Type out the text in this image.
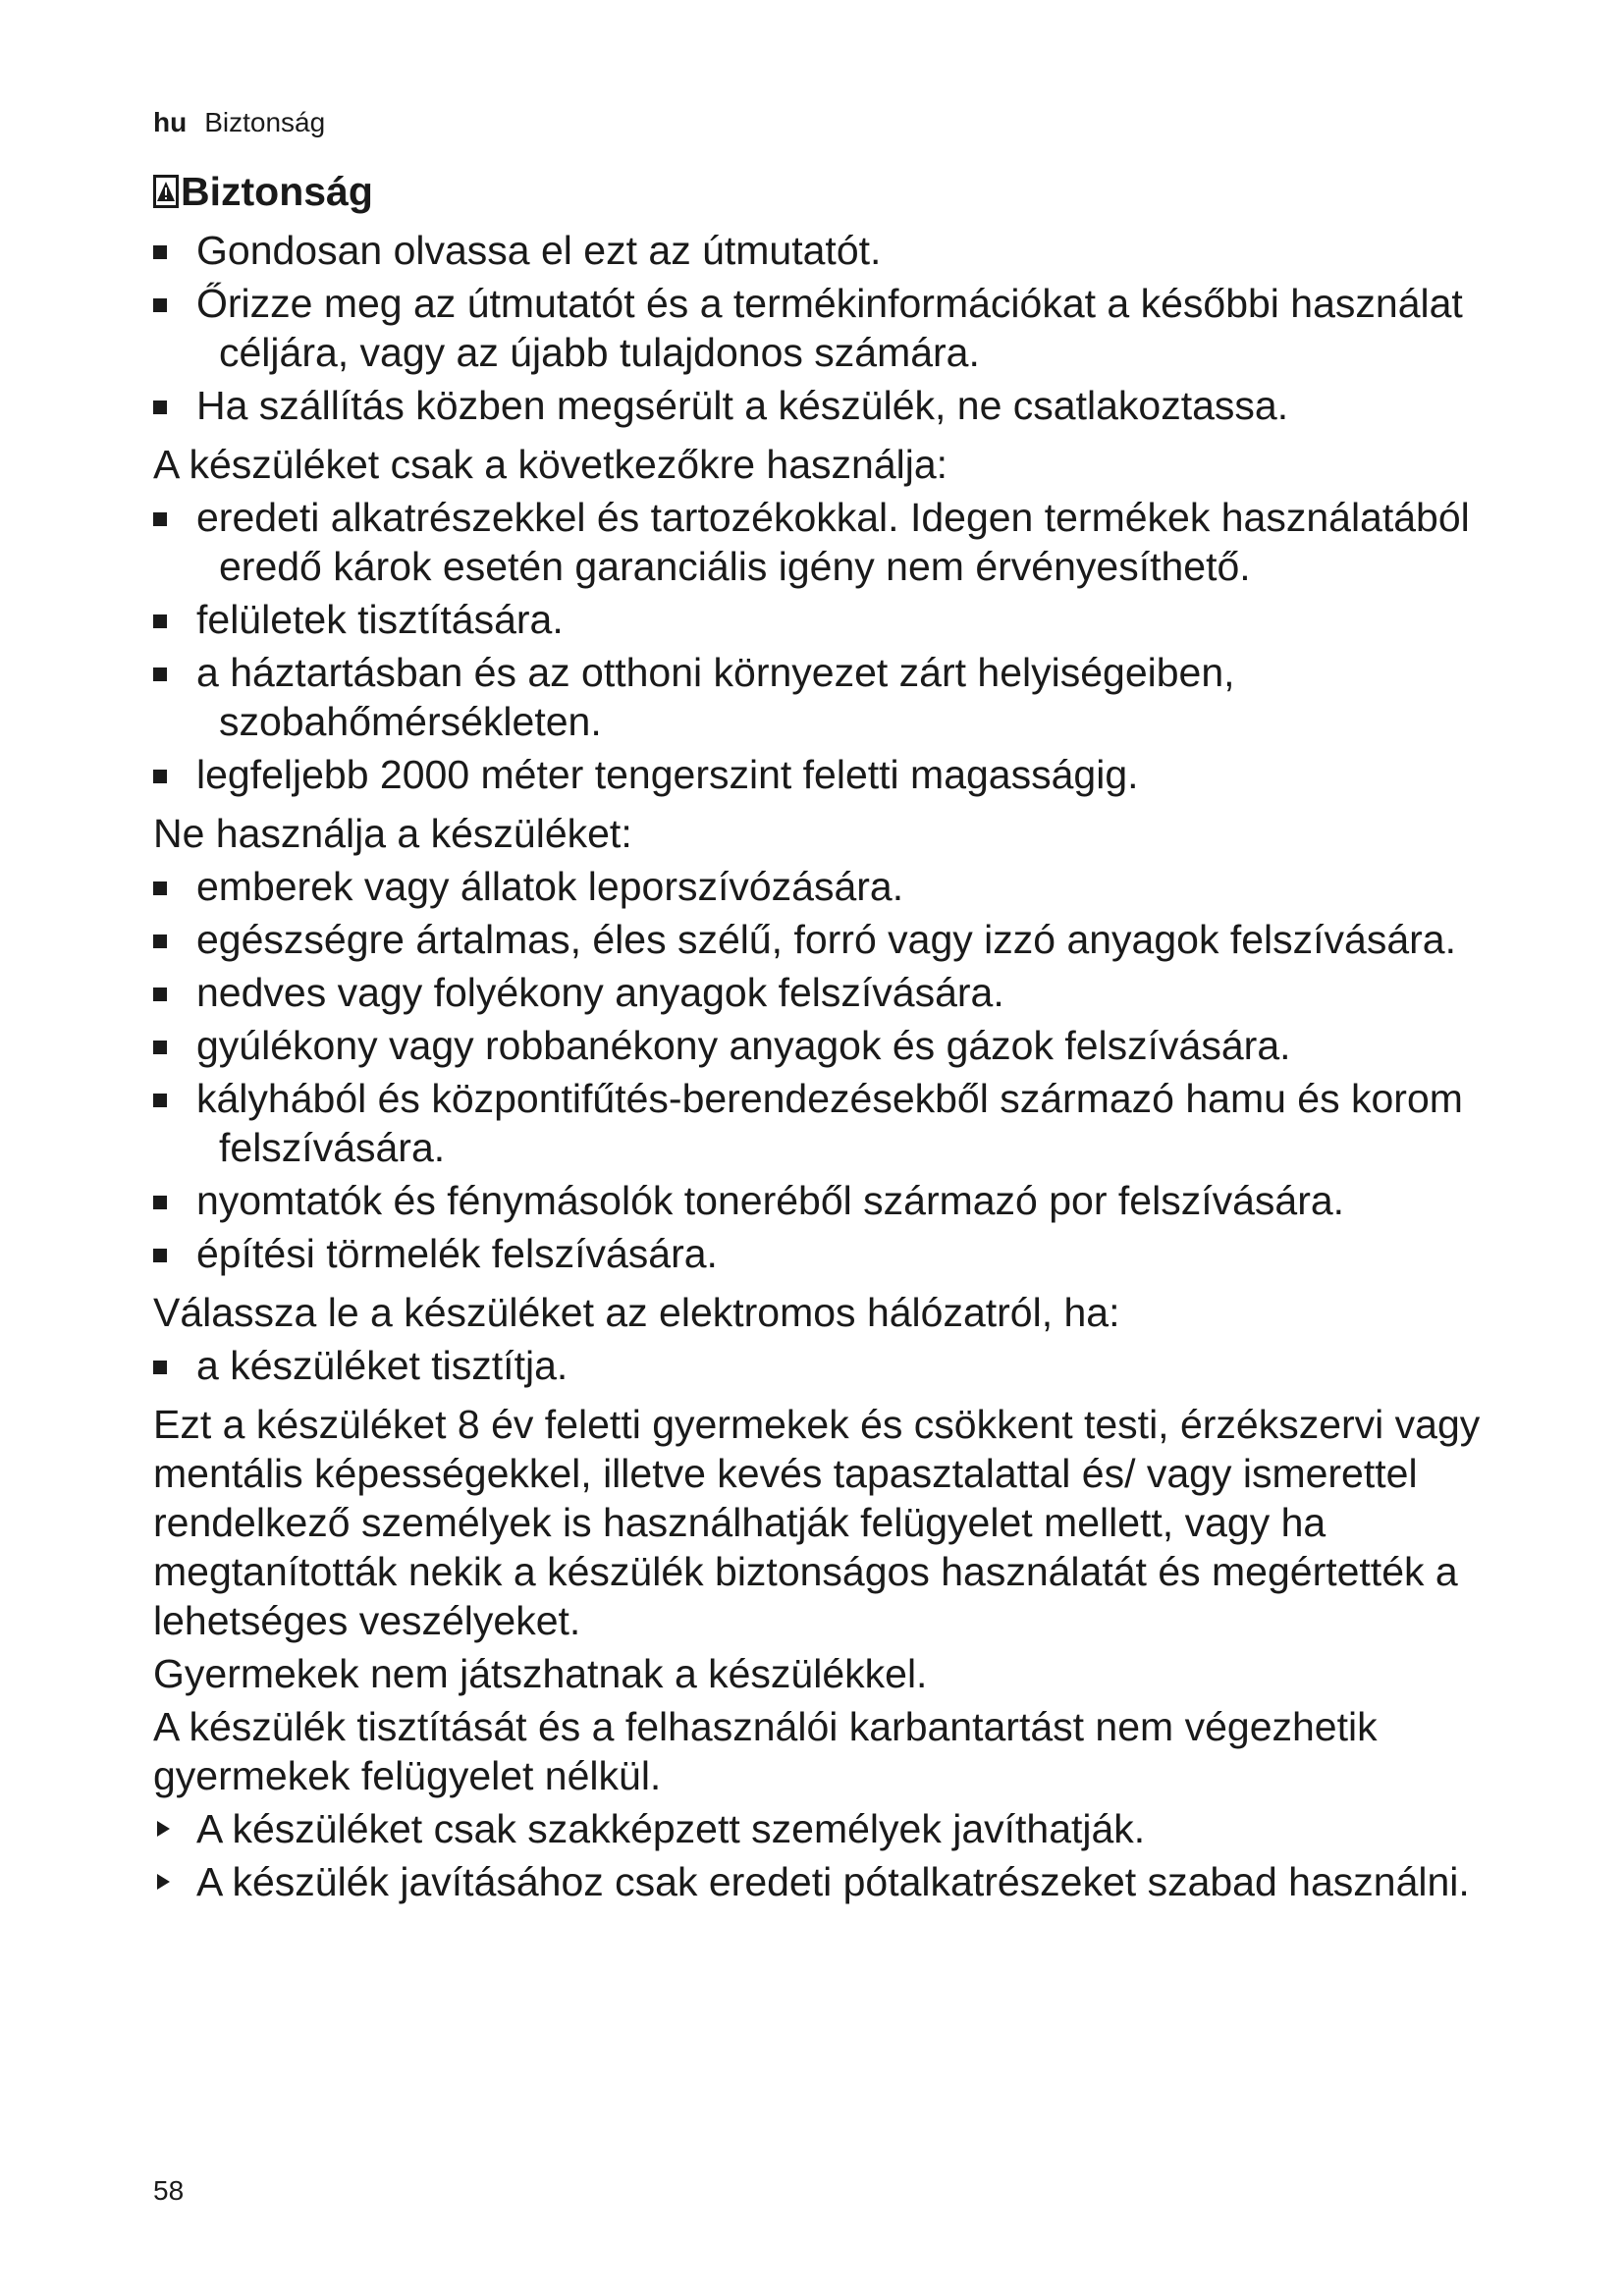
hu Biztonság
Biztonság
Gondosan olvassa el ezt az útmutatót.
Őrizze meg az útmutatót és a termékinformációkat a későbbi használat céljára, vagy az újabb tulajdonos számára.
Ha szállítás közben megsérült a készülék, ne csatlakoztassa.

A készüléket csak a következőkre használja:

eredeti alkatrészekkel és tartozékokkal. Idegen termékek használatából eredő károk esetén garanciális igény nem érvényesíthető.
felületek tisztítására.
a háztartásban és az otthoni környezet zárt helyiségeiben, szobahőmérsékleten.
legfeljebb 2000 méter tengerszint feletti magasságig.

Ne használja a készüléket:

emberek vagy állatok leporszívózására.
egészségre ártalmas, éles szélű, forró vagy izzó anyagok felszívására.
nedves vagy folyékony anyagok felszívására.
gyúlékony vagy robbanékony anyagok és gázok felszívására.
kályhából és központifűtés-berendezésekből származó hamu és korom felszívására.
nyomtatók és fénymásolók toneréből származó por felszívására.
építési törmelék felszívására.

Válassza le a készüléket az elektromos hálózatról, ha:

a készüléket tisztítja.

Ezt a készüléket 8 év feletti gyermekek és csökkent testi, érzékszervi vagy mentális képességekkel, illetve kevés tapasztalattal és/ vagy ismerettel rendelkező személyek is használhatják felügyelet mellett, vagy ha megtanították nekik a készülék biztonságos használatát és megértették a lehetséges veszélyeket.

Gyermekek nem játszhatnak a készülékkel.

A készülék tisztítását és a felhasználói karbantartást nem végezhetik gyermekek felügyelet nélkül.

A készüléket csak szakképzett személyek javíthatják.
A készülék javításához csak eredeti pótalkatrészeket szabad használni.
58
